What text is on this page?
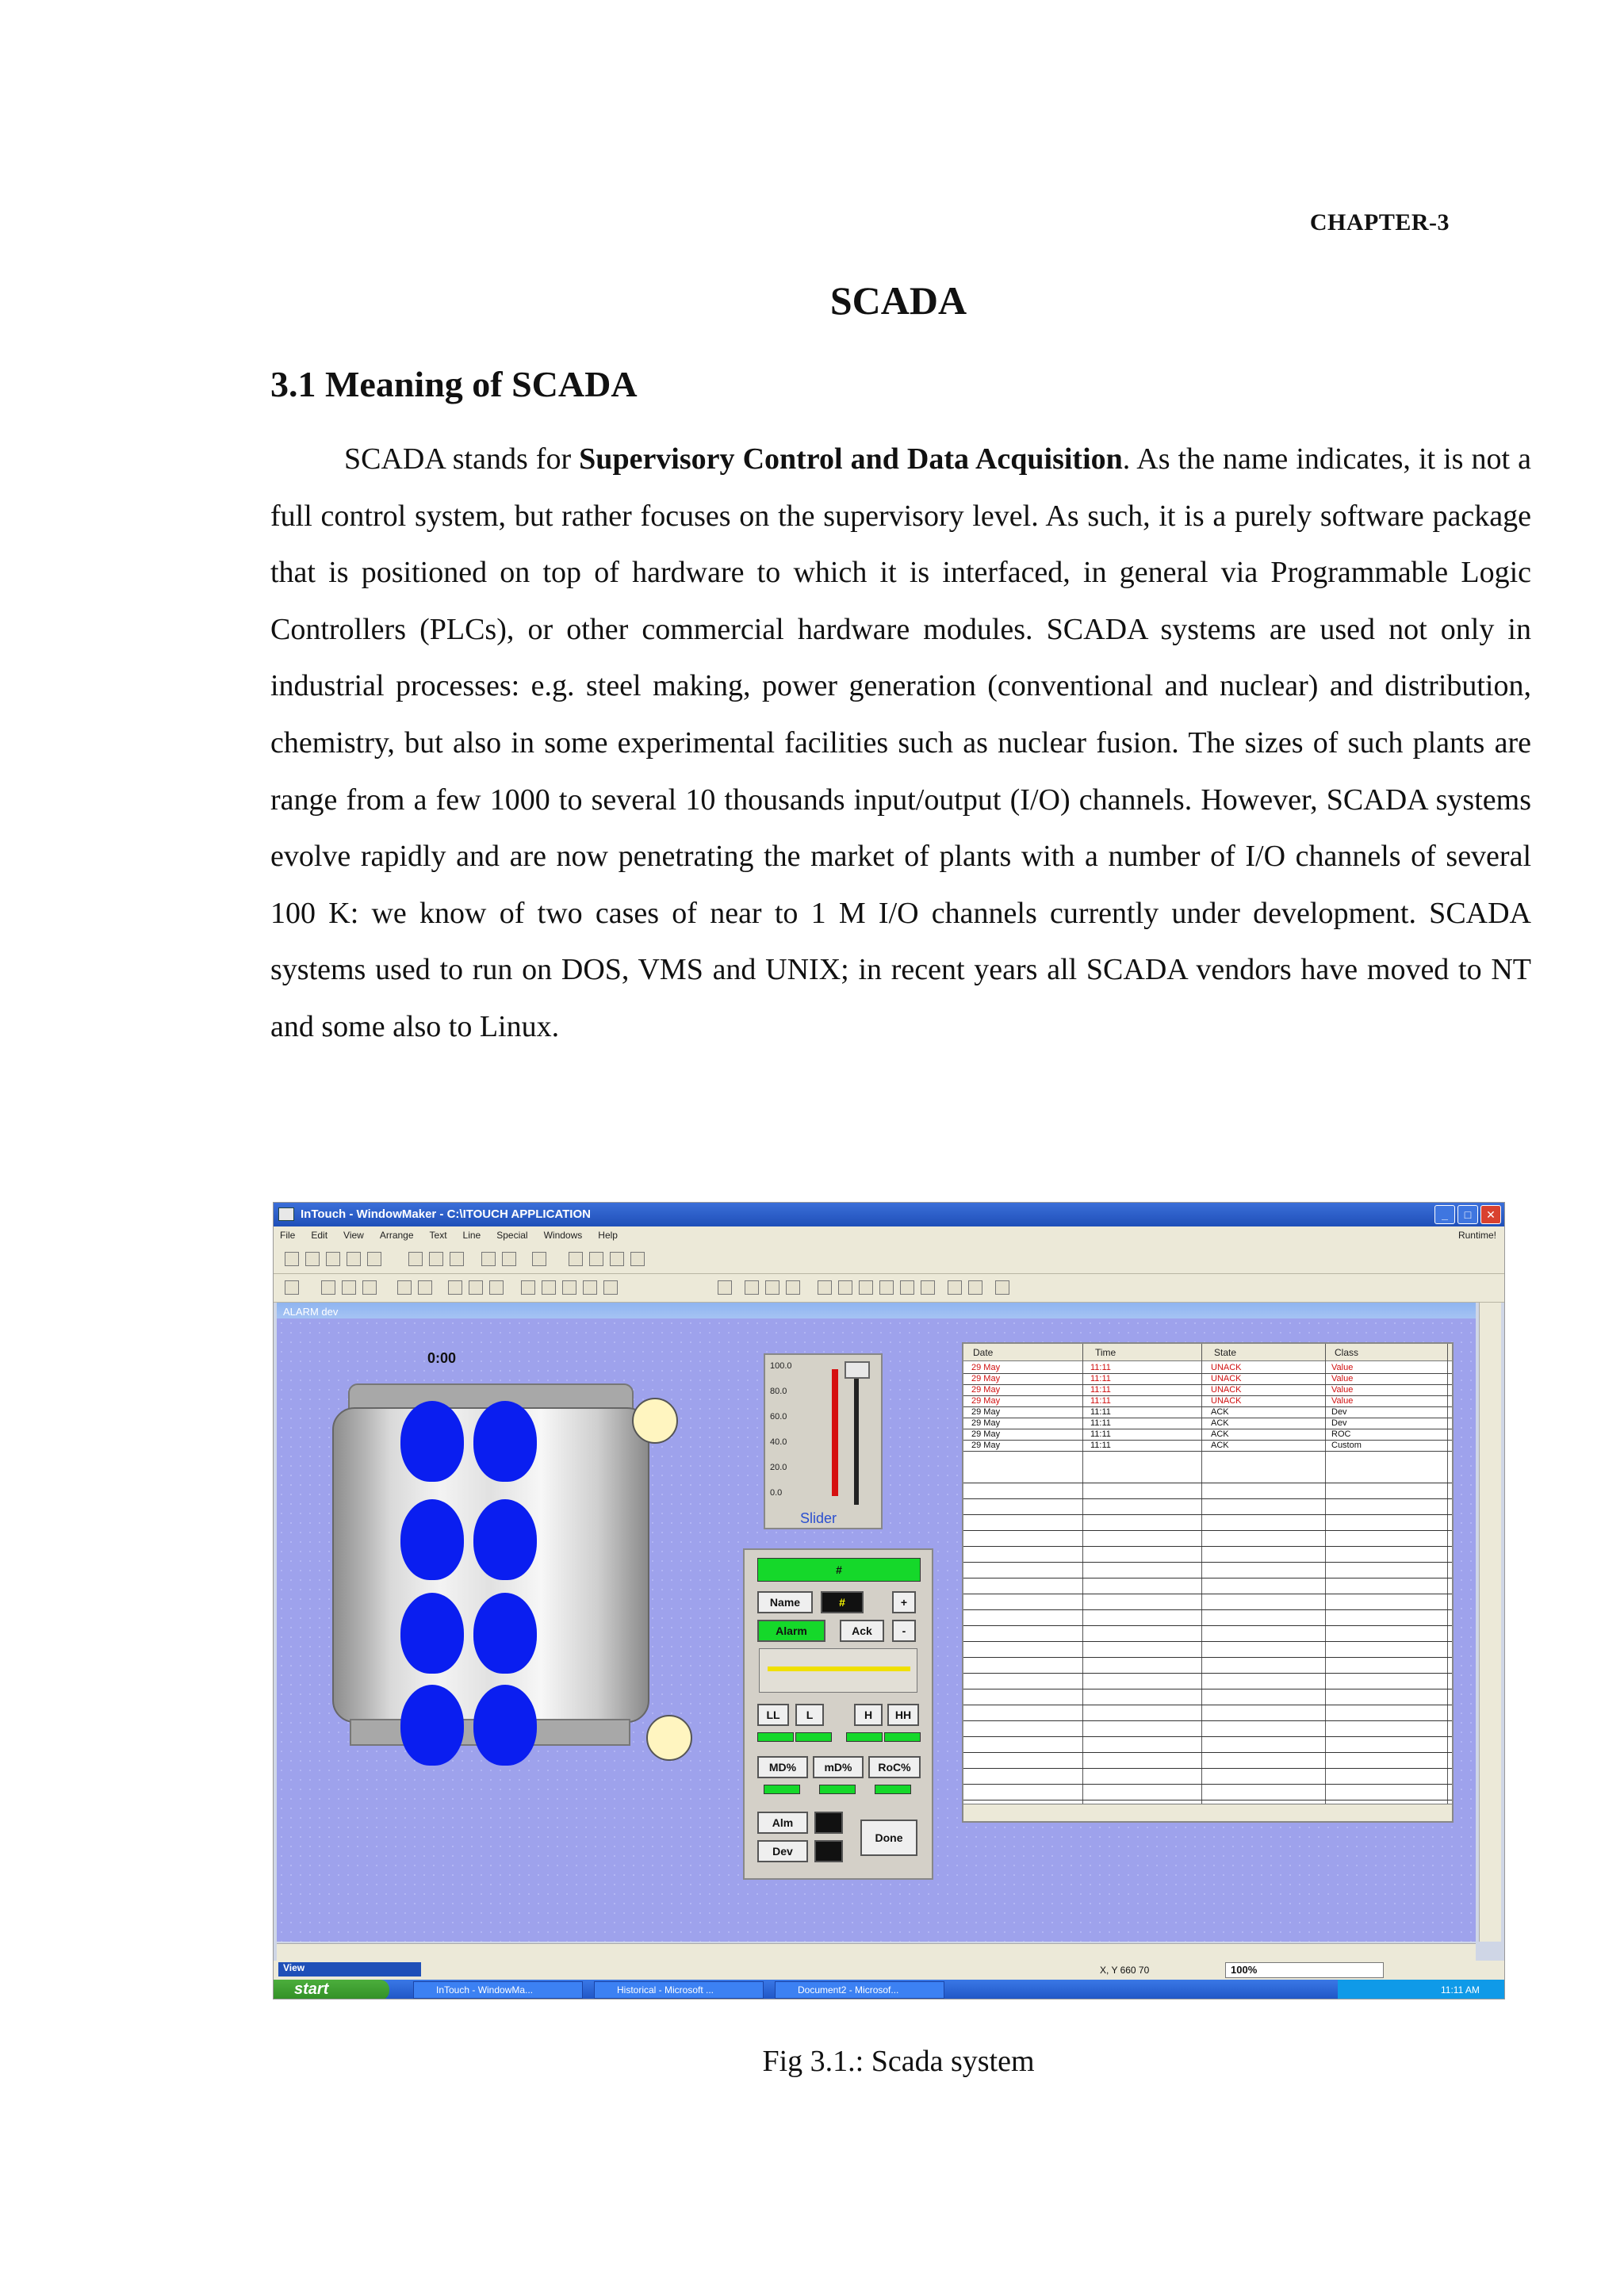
CHAPTER-3
SCADA
3.1 Meaning of SCADA

SCADA stands for Supervisory Control and Data Acquisition. As the name indicates, it is not a full control system, but rather focuses on the supervisory level. As such, it is a purely software package that is positioned on top of hardware to which it is interfaced, in general via Programmable Logic Controllers (PLCs), or other commercial hardware modules. SCADA systems are used not only in industrial processes: e.g. steel making, power generation (conventional and nuclear) and distribution, chemistry, but also in some experimental facilities such as nuclear fusion. The sizes of such plants are range from a few 1000 to several 10 thousands input/output (I/O) channels. However, SCADA systems evolve rapidly and are now penetrating the market of plants with a number of I/O channels of several 100 K: we know of two cases of near to 1 M I/O channels currently under development. SCADA systems used to run on DOS, VMS and UNIX; in recent years all SCADA vendors have moved to NT and some also to Linux.

InTouch - WindowMaker - C:\ITOUCH APPLICATION	_	□	✕
File Edit View Arrange Text Line Special Windows Help	Runtime!
ALARM dev
0:00	100.0
80.0
60.0
40.0
20.0
0.0
Slider
#
Name	#	+
Alarm	Ack	-
LL	L	H	HH
MD%	mD%	RoC%
Alm
Dev
Done
Date	Time	State	Class
29 May	11:11	UNACK	Value
29 May	11:11	UNACK	Value
29 May	11:11	UNACK	Value
29 May	11:11	UNACK	Value
29 May	11:11	ACK	Dev
29 May	11:11	ACK	Dev
29 May	11:11	ACK	ROC
29 May	11:11	ACK	Custom
View	X, Y 660 70	100%
start	InTouch - WindowMa...	Historical - Microsoft ...	Document2 - Microsof...	11:11 AM
Fig 3.1.: Scada system
